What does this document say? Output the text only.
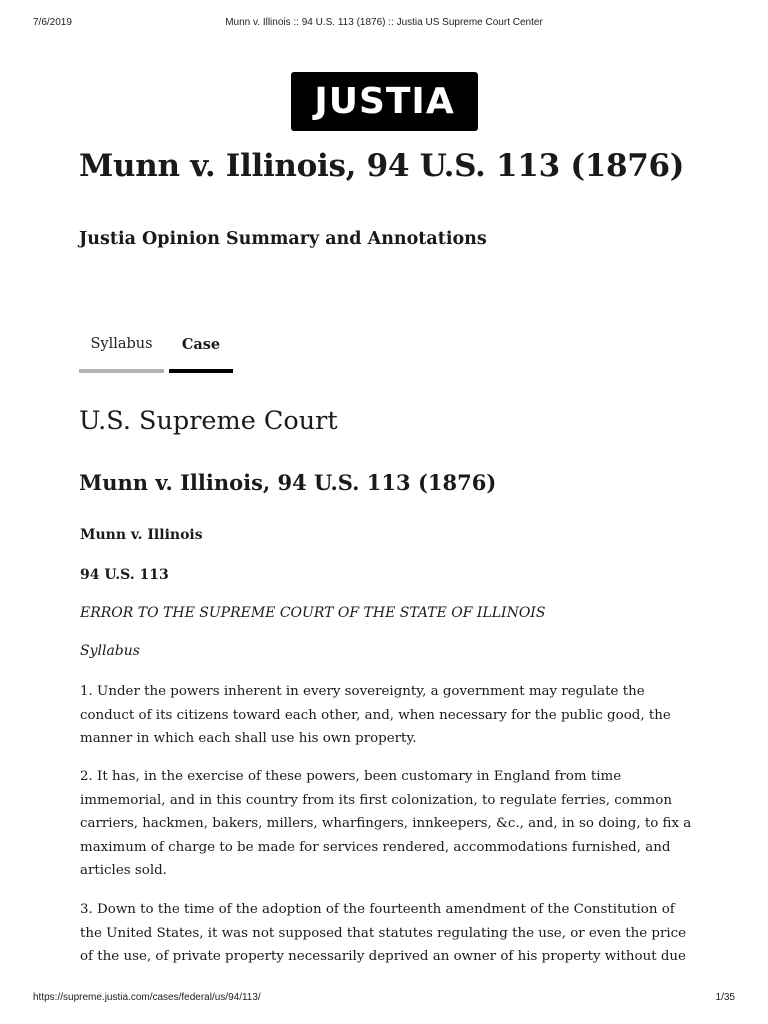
7/6/2019	Munn v. Illinois :: 94 U.S. 113 (1876) :: Justia US Supreme Court Center
JUSTIA
Munn v. Illinois, 94 U.S. 113 (1876)
Justia Opinion Summary and Annotations
Syllabus	Case
U.S. Supreme Court
Munn v. Illinois, 94 U.S. 113 (1876)

Munn v. Illinois

94 U.S. 113

ERROR TO THE SUPREME COURT OF THE STATE OF ILLINOIS

Syllabus

1. Under the powers inherent in every sovereignty, a government may regulate the conduct of its citizens toward each other, and, when necessary for the public good, the manner in which each shall use his own property.

2. It has, in the exercise of these powers, been customary in England from time immemorial, and in this country from its first colonization, to regulate ferries, common carriers, hackmen, bakers, millers, wharfingers, innkeepers, &c., and, in so doing, to fix a maximum of charge to be made for services rendered, accommodations furnished, and articles sold.

3. Down to the time of the adoption of the fourteenth amendment of the Constitution of the United States, it was not supposed that statutes regulating the use, or even the price of the use, of private property necessarily deprived an owner of his property without due

https://supreme.justia.com/cases/federal/us/94/113/	1/35
